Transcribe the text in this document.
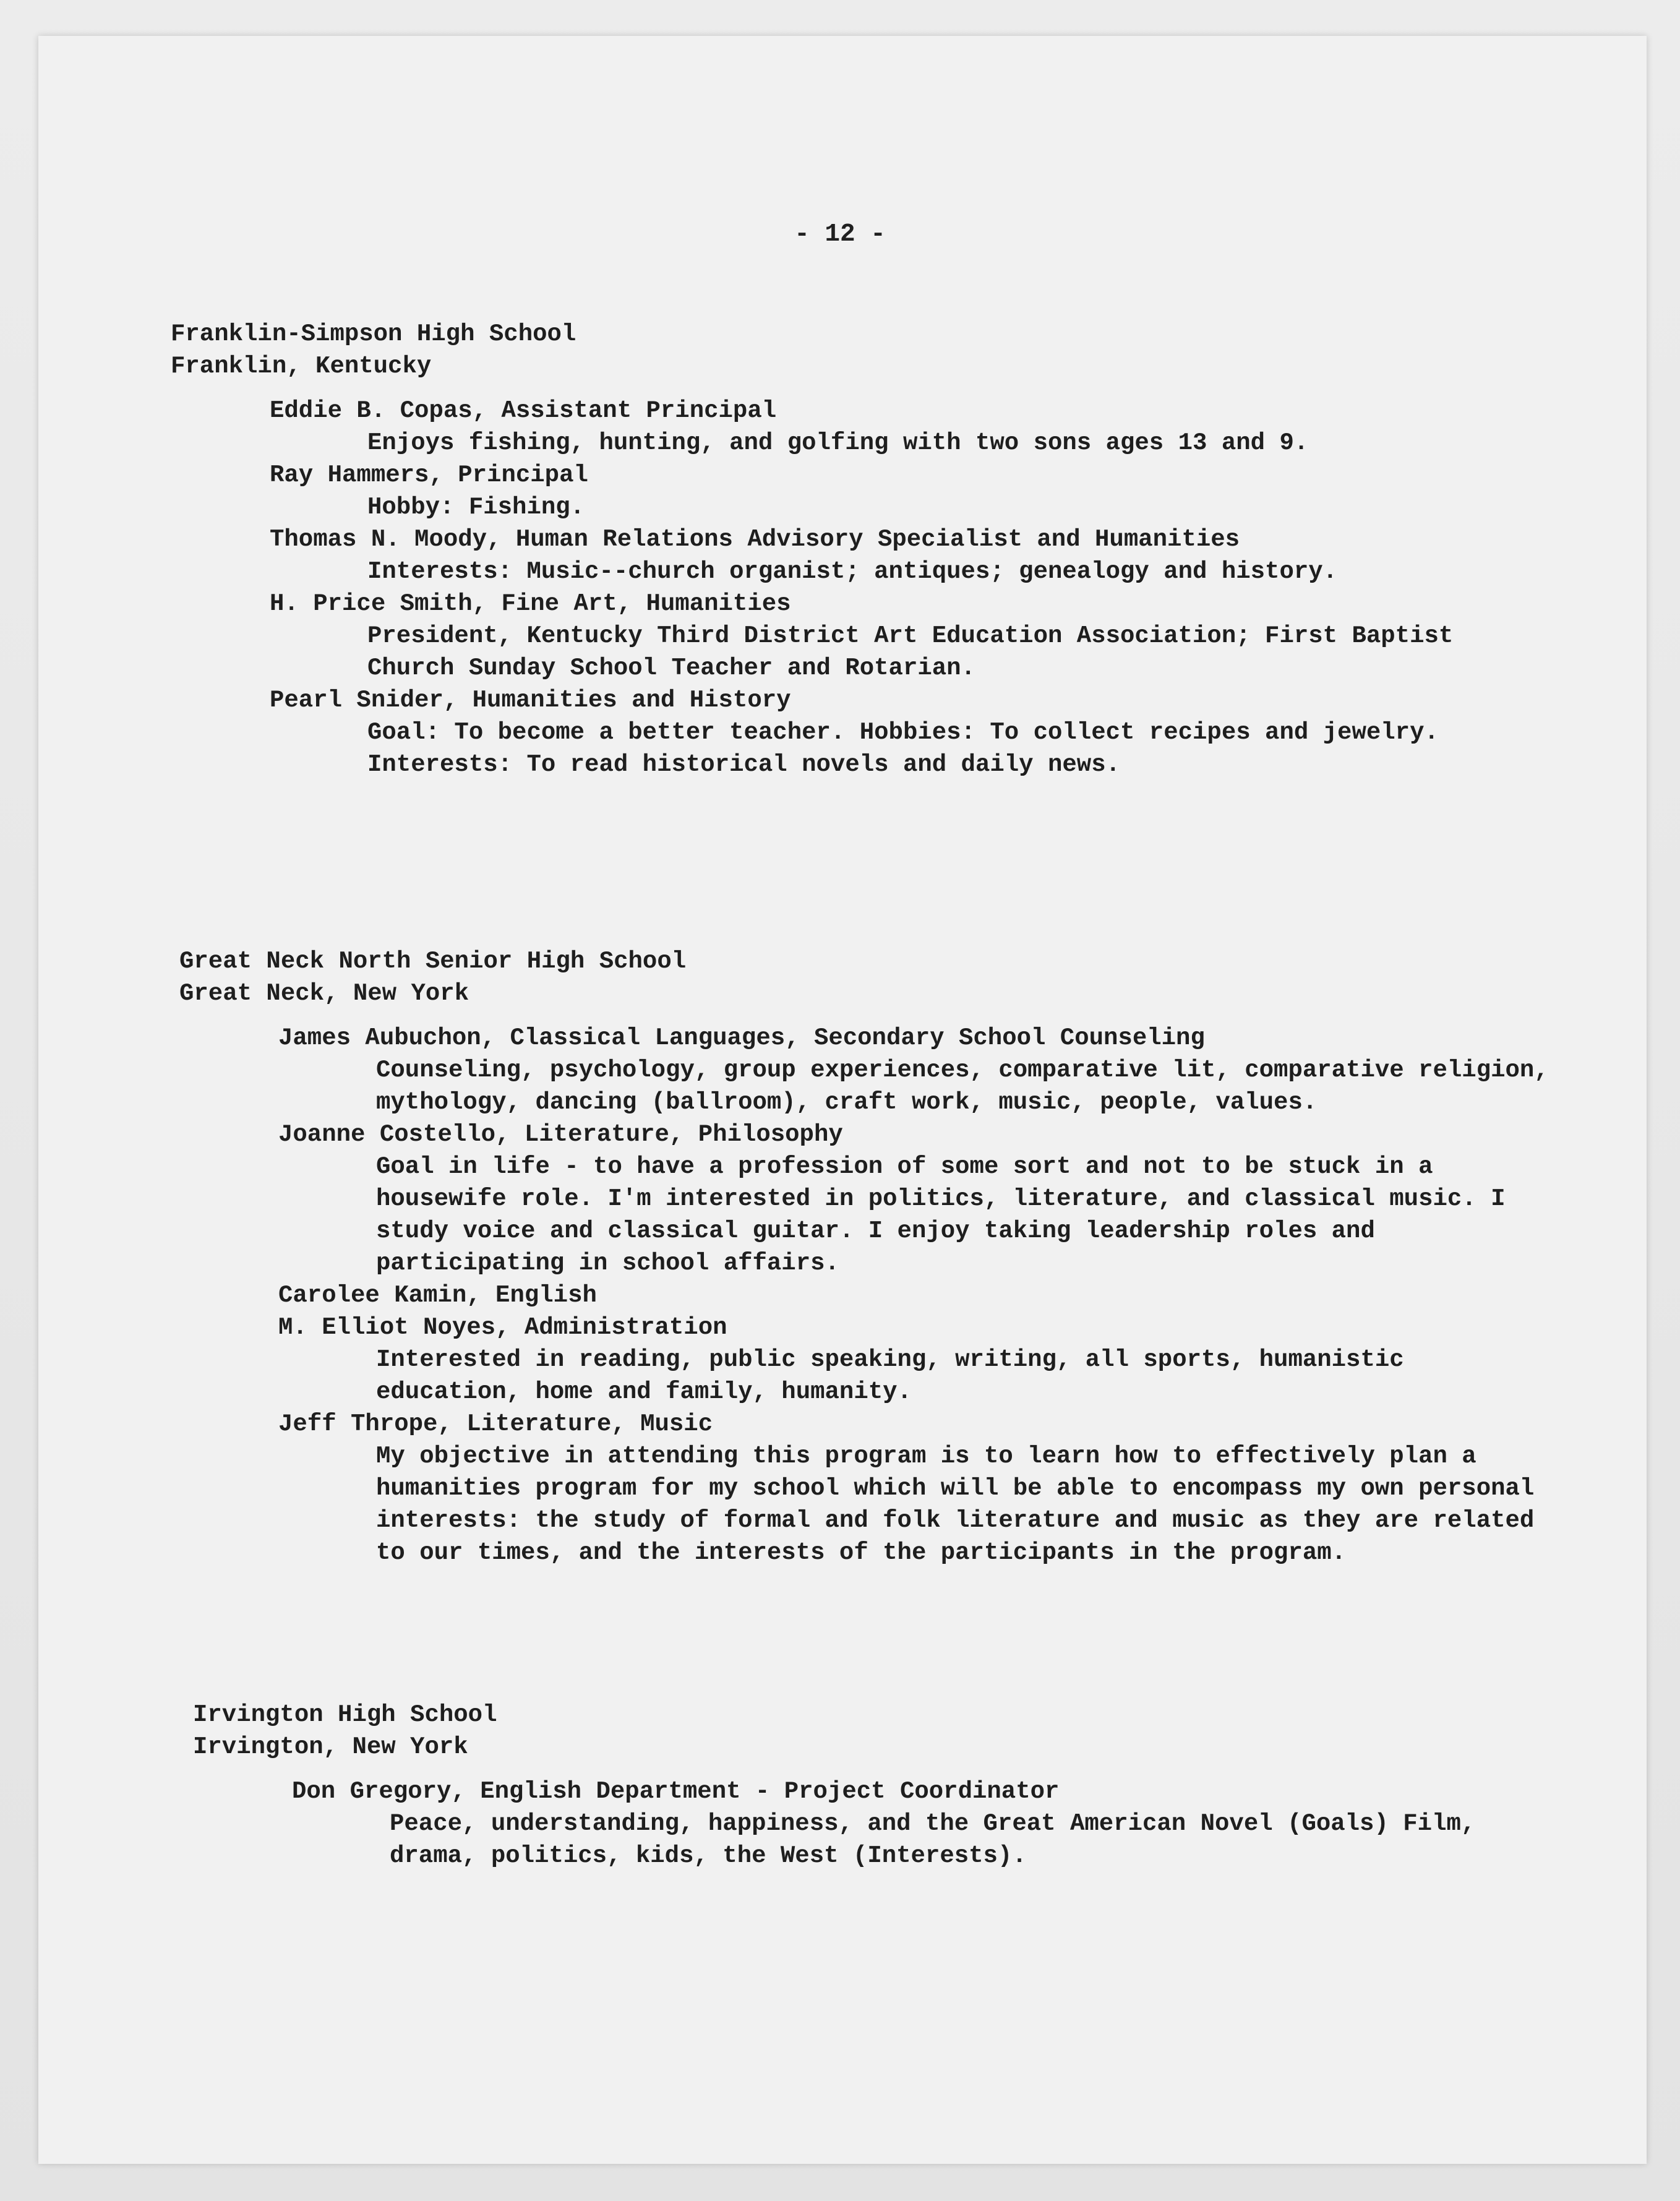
- 12 -
Franklin-Simpson High School
Franklin, Kentucky
Eddie B. Copas, Assistant Principal
Enjoys fishing, hunting, and golfing with two sons ages 13 and 9.
Ray Hammers, Principal
Hobby: Fishing.
Thomas N. Moody, Human Relations Advisory Specialist and Humanities
Interests: Music--church organist; antiques; genealogy and history.
H. Price Smith, Fine Art, Humanities
President, Kentucky Third District Art Education Association; First Baptist Church Sunday School Teacher and Rotarian.
Pearl Snider, Humanities and History
Goal: To become a better teacher. Hobbies: To collect recipes and jewelry. Interests: To read historical novels and daily news.
Great Neck North Senior High School
Great Neck, New York
James Aubuchon, Classical Languages, Secondary School Counseling
Counseling, psychology, group experiences, comparative lit, comparative religion, mythology, dancing (ballroom), craft work, music, people, values.
Joanne Costello, Literature, Philosophy
Goal in life - to have a profession of some sort and not to be stuck in a housewife role. I'm interested in politics, literature, and classical music. I study voice and classical guitar. I enjoy taking leadership roles and participating in school affairs.
Carolee Kamin, English
M. Elliot Noyes, Administration
Interested in reading, public speaking, writing, all sports, humanistic education, home and family, humanity.
Jeff Thrope, Literature, Music
My objective in attending this program is to learn how to effectively plan a humanities program for my school which will be able to encompass my own personal interests: the study of formal and folk literature and music as they are related to our times, and the interests of the participants in the program.
Irvington High School
Irvington, New York
Don Gregory, English Department - Project Coordinator
Peace, understanding, happiness, and the Great American Novel (Goals) Film, drama, politics, kids, the West (Interests).
